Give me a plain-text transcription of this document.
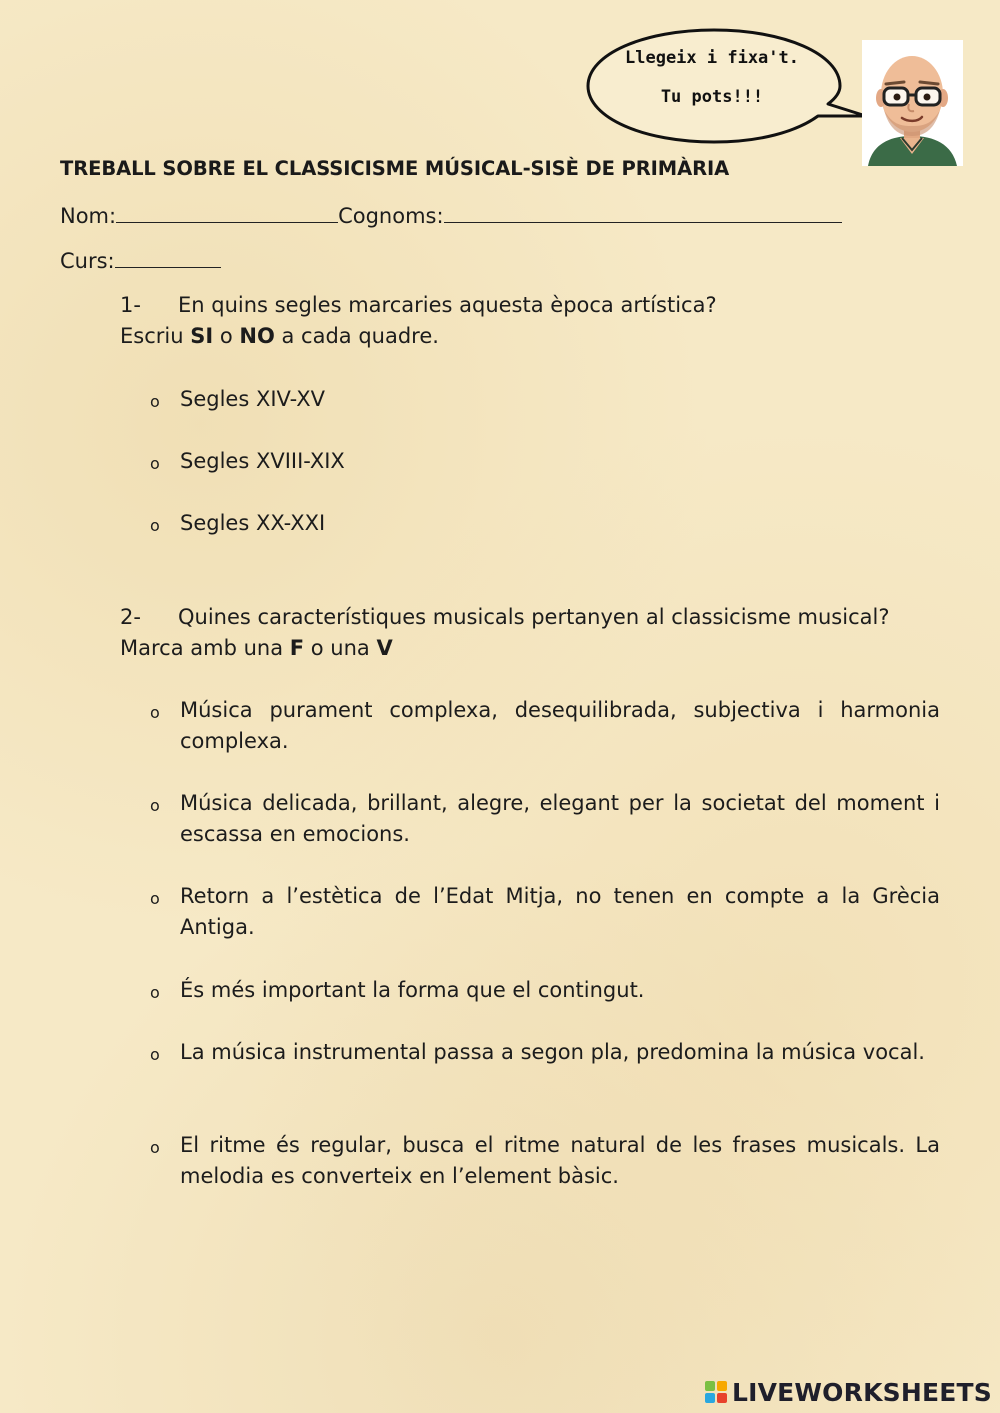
Llegeix i fixa't.
Tu pots!!!
TREBALL SOBRE EL CLASSICISME MÚSICAL-SISÈ DE PRIMÀRIA
Nom:	Cognoms:
Curs:
1- En quins segles marcaries aquesta època artística?
Escriu SI o NO a cada quadre.
o Segles XIV-XV
o Segles XVIII-XIX
o Segles XX-XXI
2- Quines característiques musicals pertanyen al classicisme musical?
Marca amb una F o una V
o Música purament complexa, desequilibrada, subjectiva i harmonia complexa.
o Música delicada, brillant, alegre, elegant per la societat del moment i escassa en emocions.
o Retorn a l’estètica de l’Edat Mitja, no tenen en compte a la Grècia Antiga.
o És més important la forma que el contingut.
o La música instrumental passa a segon pla, predomina la música vocal.
o El ritme és regular, busca el ritme natural de les frases musicals. La melodia es converteix en l’element bàsic.
LIVEWORKSHEETS
